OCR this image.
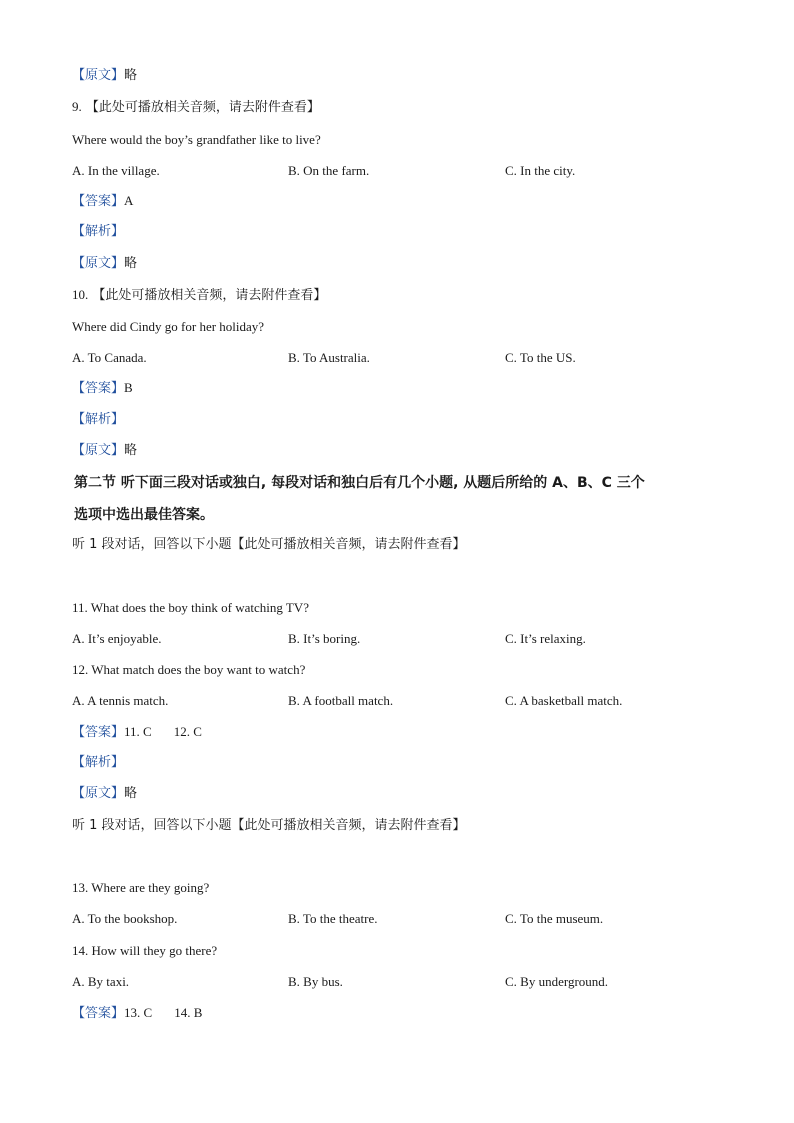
【原文】略
9. 【此处可播放相关音频，请去附件查看】
Where would the boy’s grandfather like to live?
A. In the village.	B. On the farm.	C. In the city.
【答案】A
【解析】
【原文】略
10. 【此处可播放相关音频，请去附件查看】
Where did Cindy go for her holiday?
A. To Canada.	B. To Australia.	C. To the US.
【答案】B
【解析】
【原文】略
第二节 听下面三段对话或独白, 每段对话和独白后有几个小题, 从题后所给的 A、B、C 三个
选项中选出最佳答案。
听 1 段对话，回答以下小题【此处可播放相关音频，请去附件查看】
11. What does the boy think of watching TV?
A. It’s enjoyable.	B. It’s boring.	C. It’s relaxing.
12. What match does the boy want to watch?
A. A tennis match.	B. A football match.	C. A basketball match.
【答案】11. C 12. C
【解析】
【原文】略
听 1 段对话，回答以下小题【此处可播放相关音频，请去附件查看】
13. Where are they going?
A. To the bookshop.	B. To the theatre.	C. To the museum.
14. How will they go there?
A. By taxi.	B. By bus.	C. By underground.
【答案】13. C 14. B
